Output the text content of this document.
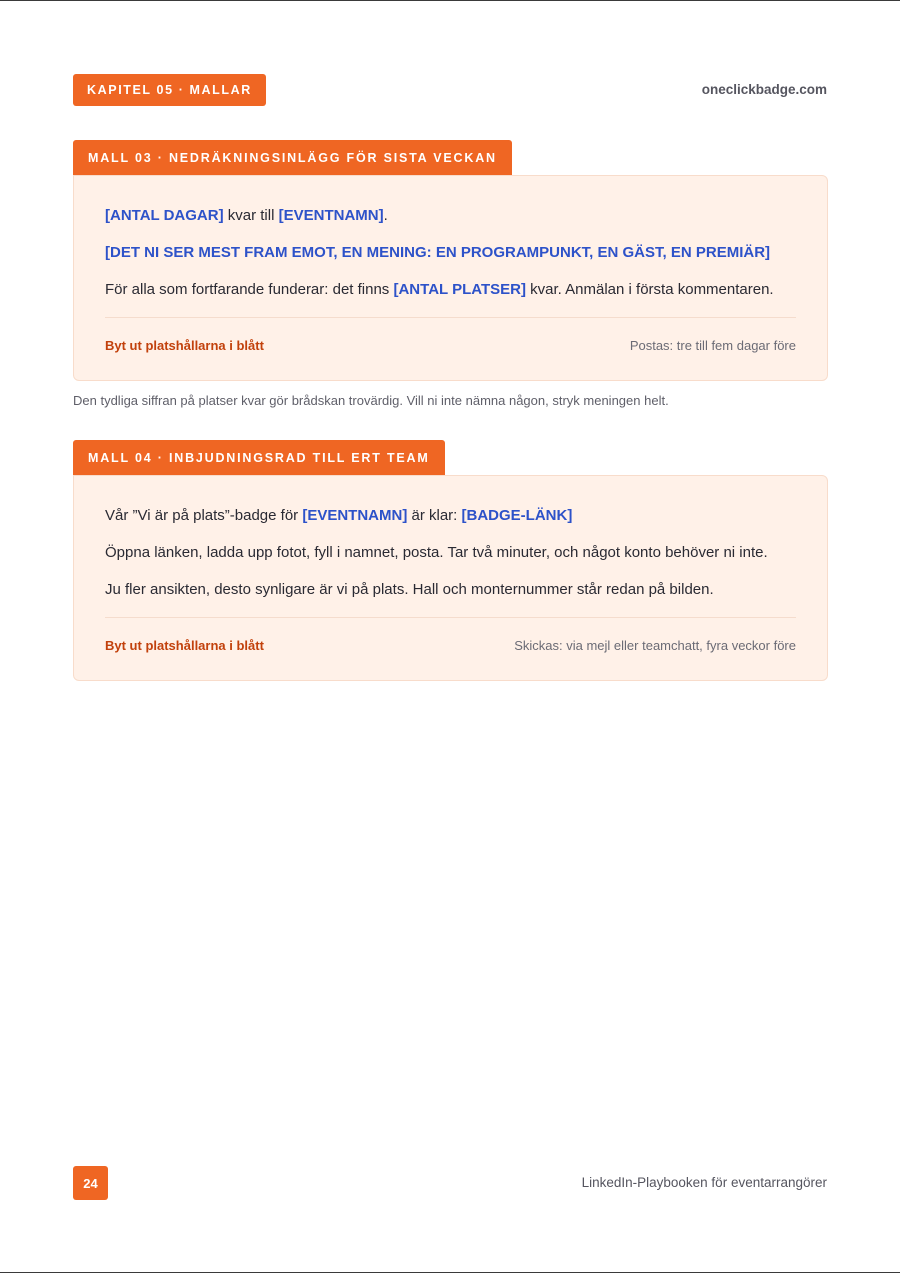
KAPITEL 05 · MALLAR	oneclickbadge.com
MALL 03 · NEDRÄKNINGSINLÄGG FÖR SISTA VECKAN

[ANTAL DAGAR] kvar till [EVENTNAMN].

[DET NI SER MEST FRAM EMOT, EN MENING: EN PROGRAMPUNKT, EN GÄST, EN PREMIÄR]

För alla som fortfarande funderar: det finns [ANTAL PLATSER] kvar. Anmälan i första kommentaren.

Byt ut platshållarna i blått	Postas: tre till fem dagar före
Den tydliga siffran på platser kvar gör brådskan trovärdig. Vill ni inte nämna någon, stryk meningen helt.
MALL 04 · INBJUDNINGSRAD TILL ERT TEAM

Vår ”Vi är på plats”-badge för [EVENTNAMN] är klar: [BADGE-LÄNK]

Öppna länken, ladda upp fotot, fyll i namnet, posta. Tar två minuter, och något konto behöver ni inte.

Ju fler ansikten, desto synligare är vi på plats. Hall och monternummer står redan på bilden.

Byt ut platshållarna i blått	Skickas: via mejl eller teamchatt, fyra veckor före
24	LinkedIn-Playbooken för eventarrangörer
